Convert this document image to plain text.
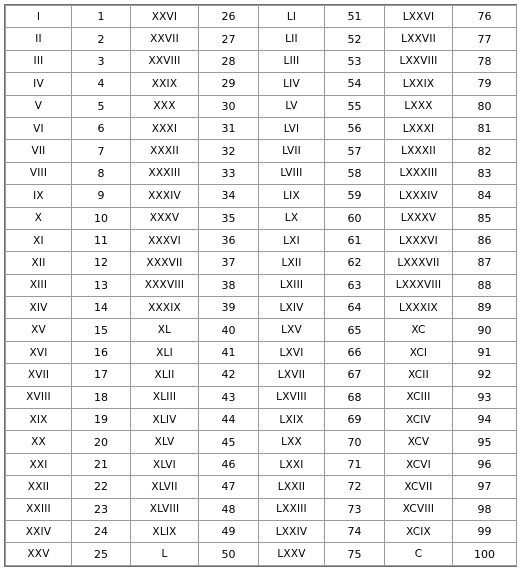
I	1	XXVI	26	LI	51	LXXVI	76
II	2	XXVII	27	LII	52	LXXVII	77
III	3	XXVIII	28	LIII	53	LXXVIII	78
IV	4	XXIX	29	LIV	54	LXXIX	79
V	5	XXX	30	LV	55	LXXX	80
VI	6	XXXI	31	LVI	56	LXXXI	81
VII	7	XXXII	32	LVII	57	LXXXII	82
VIII	8	XXXIII	33	LVIII	58	LXXXIII	83
IX	9	XXXIV	34	LIX	59	LXXXIV	84
X	10	XXXV	35	LX	60	LXXXV	85
XI	11	XXXVI	36	LXI	61	LXXXVI	86
XII	12	XXXVII	37	LXII	62	LXXXVII	87
XIII	13	XXXVIII	38	LXIII	63	LXXXVIII	88
XIV	14	XXXIX	39	LXIV	64	LXXXIX	89
XV	15	XL	40	LXV	65	XC	90
XVI	16	XLI	41	LXVI	66	XCI	91
XVII	17	XLII	42	LXVII	67	XCII	92
XVIII	18	XLIII	43	LXVIII	68	XCIII	93
XIX	19	XLIV	44	LXIX	69	XCIV	94
XX	20	XLV	45	LXX	70	XCV	95
XXI	21	XLVI	46	LXXI	71	XCVI	96
XXII	22	XLVII	47	LXXII	72	XCVII	97
XXIII	23	XLVIII	48	LXXIII	73	XCVIII	98
XXIV	24	XLIX	49	LXXIV	74	XCIX	99
XXV	25	L	50	LXXV	75	C	100
